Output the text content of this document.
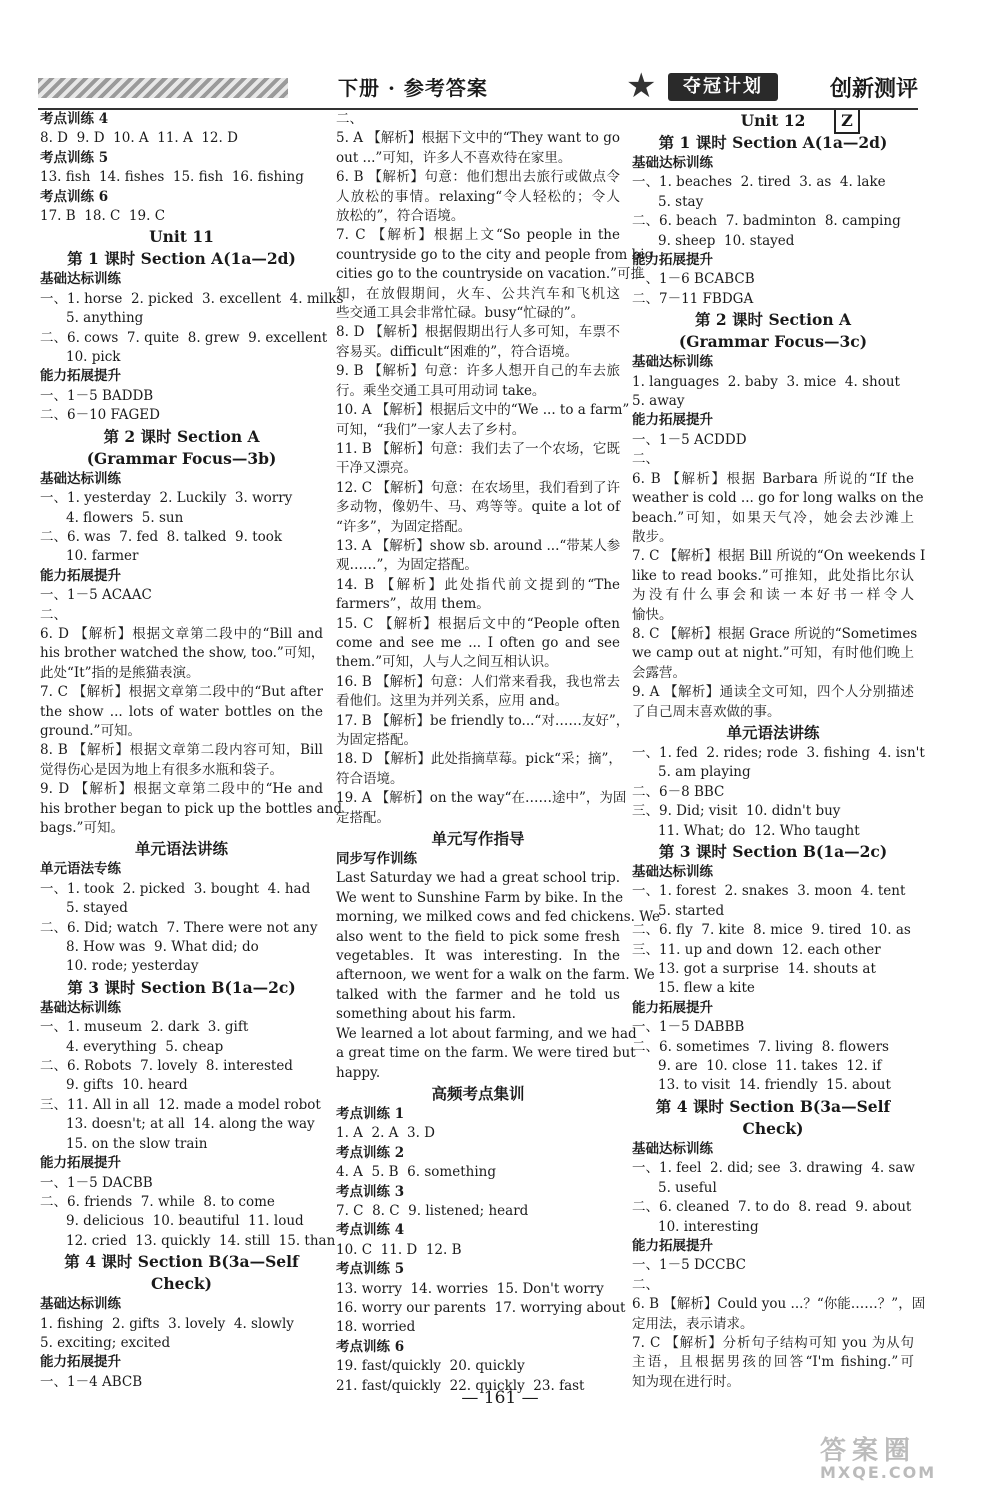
下册 · 参考答案	★	夺冠计划	创新测评Z
考点训练 4
8. D  9. D  10. A  11. A  12. D
考点训练 5
13. fish  14. fishes  15. fish  16. fishing
考点训练 6
17. B  18. C  19. C
Unit 11
第 1 课时 Section A(1a—2d)
基础达标训练
一、1. horse  2. picked  3. excellent  4. milks
5. anything
二、6. cows  7. quite  8. grew  9. excellent
10. pick
能力拓展提升
一、1－5 BADDB
二、6－10 FAGED
第 2 课时 Section A
(Grammar Focus—3b)
基础达标训练
一、1. yesterday  2. Luckily  3. worry
4. flowers  5. sun
二、6. was  7. fed  8. talked  9. took
10. farmer
能力拓展提升
一、1－5 ACAAC
二、
6. D 【解析】根据文章第二段中的“Bill and
his brother watched the show, too.”可知，
此处“It”指的是熊猫表演。
7. C 【解析】根据文章第二段中的“But after
the show ... lots of water bottles on the
ground.”可知。
8. B 【解析】根据文章第二段内容可知，Bill
觉得伤心是因为地上有很多水瓶和袋子。
9. D 【解析】根据文章第二段中的“He and
his brother began to pick up the bottles and
bags.”可知。
单元语法讲练
单元语法专练
一、1. took  2. picked  3. bought  4. had
5. stayed
二、6. Did; watch  7. There were not any
8. How was  9. What did; do
10. rode; yesterday
第 3 课时 Section B(1a—2c)
基础达标训练
一、1. museum  2. dark  3. gift
4. everything  5. cheap
二、6. Robots  7. lovely  8. interested
9. gifts  10. heard
三、11. All in all  12. made a model robot
13. doesn't; at all  14. along the way
15. on the slow train
能力拓展提升
一、1－5 DACBB
二、6. friends  7. while  8. to come
9. delicious  10. beautiful  11. loud
12. cried  13. quickly  14. still  15. than
第 4 课时 Section B(3a—Self Check)
基础达标训练
1. fishing  2. gifts  3. lovely  4. slowly
5. exciting; excited
能力拓展提升
一、1－4 ABCB
二、
5. A 【解析】根据下文中的“They want to go
out ...”可知，许多人不喜欢待在家里。
6. B 【解析】句意：他们想出去旅行或做点令
人放松的事情。relaxing“令人轻松的；令人
放松的”，符合语境。
7. C 【解析】根据上文“So people in the
countryside go to the city and people from big
cities go to the countryside on vacation.”可推
知，在放假期间，火车、公共汽车和飞机这
些交通工具会非常忙碌。busy“忙碌的”。
8. D 【解析】根据假期出行人多可知，车票不
容易买。difficult“困难的”，符合语境。
9. B 【解析】句意：许多人想开自己的车去旅
行。乘坐交通工具可用动词 take。
10. A 【解析】根据后文中的“We ... to a farm”
可知，“我们”一家人去了乡村。
11. B 【解析】句意：我们去了一个农场，它既
干净又漂亮。
12. C 【解析】句意：在农场里，我们看到了许
多动物，像奶牛、马、鸡等等。quite a lot of
“许多”，为固定搭配。
13. A 【解析】show sb. around ...“带某人参
观……”，为固定搭配。
14. B 【解析】此处指代前文提到的“The
farmers”，故用 them。
15. C 【解析】根据后文中的“People often
come and see me ... I often go and see
them.”可知，人与人之间互相认识。
16. B 【解析】句意：人们常来看我，我也常去
看他们。这里为并列关系，应用 and。
17. B 【解析】be friendly to...“对……友好”，
为固定搭配。
18. D 【解析】此处指摘草莓。pick“采；摘”，
符合语境。
19. A 【解析】on the way“在……途中”，为固
定搭配。
单元写作指导
同步写作训练
Last Saturday we had a great school trip.
We went to Sunshine Farm by bike. In the
morning, we milked cows and fed chickens. We
also went to the field to pick some fresh
vegetables. It was interesting. In the
afternoon, we went for a walk on the farm. We
talked with the farmer and he told us
something about his farm.
We learned a lot about farming, and we had
a great time on the farm. We were tired but
happy.
高频考点集训
考点训练 1
1. A  2. A  3. D
考点训练 2
4. A  5. B  6. something
考点训练 3
7. C  8. C  9. listened; heard
考点训练 4
10. C  11. D  12. B
考点训练 5
13. worry  14. worries  15. Don't worry
16. worry our parents  17. worrying about
18. worried
考点训练 6
19. fast/quickly  20. quickly
21. fast/quickly  22. quickly  23. fast
Unit 12
第 1 课时 Section A(1a—2d)
基础达标训练
一、1. beaches  2. tired  3. as  4. lake
5. stay
二、6. beach  7. badminton  8. camping
9. sheep  10. stayed
能力拓展提升
一、1－6 BCABCB
二、7－11 FBDGA
第 2 课时 Section A
(Grammar Focus—3c)
基础达标训练
1. languages  2. baby  3. mice  4. shout
5. away
能力拓展提升
一、1－5 ACDDD
二、
6. B 【解析】根据 Barbara 所说的“If the
weather is cold ... go for long walks on the
beach.”可知，如果天气冷，她会去沙滩上
散步。
7. C 【解析】根据 Bill 所说的“On weekends I
like to read books.”可推知，此处指比尔认
为没有什么事会和读一本好书一样令人
愉快。
8. C 【解析】根据 Grace 所说的“Sometimes
we camp out at night.”可知，有时他们晚上
会露营。
9. A 【解析】通读全文可知，四个人分别描述
了自己周末喜欢做的事。
单元语法讲练
一、1. fed  2. rides; rode  3. fishing  4. isn't
5. am playing
二、6－8 BBC
三、9. Did; visit  10. didn't buy
11. What; do  12. Who taught
第 3 课时 Section B(1a—2c)
基础达标训练
一、1. forest  2. snakes  3. moon  4. tent
5. started
二、6. fly  7. kite  8. mice  9. tired  10. as
三、11. up and down  12. each other
13. got a surprise  14. shouts at
15. flew a kite
能力拓展提升
一、1－5 DABBB
二、6. sometimes  7. living  8. flowers
9. are  10. close  11. takes  12. if
13. to visit  14. friendly  15. about
第 4 课时 Section B(3a—Self Check)
基础达标训练
一、1. feel  2. did; see  3. drawing  4. saw
5. useful
二、6. cleaned  7. to do  8. read  9. about
10. interesting
能力拓展提升
一、1－5 DCCBC
二、
6. B 【解析】Could you ...？“你能……？”，固
定用法，表示请求。
7. C 【解析】分析句子结构可知 you 为从句
主语，且根据男孩的回答“I'm fishing.”可
知为现在进行时。
— 161 —
答案圈
MXQE.COM
